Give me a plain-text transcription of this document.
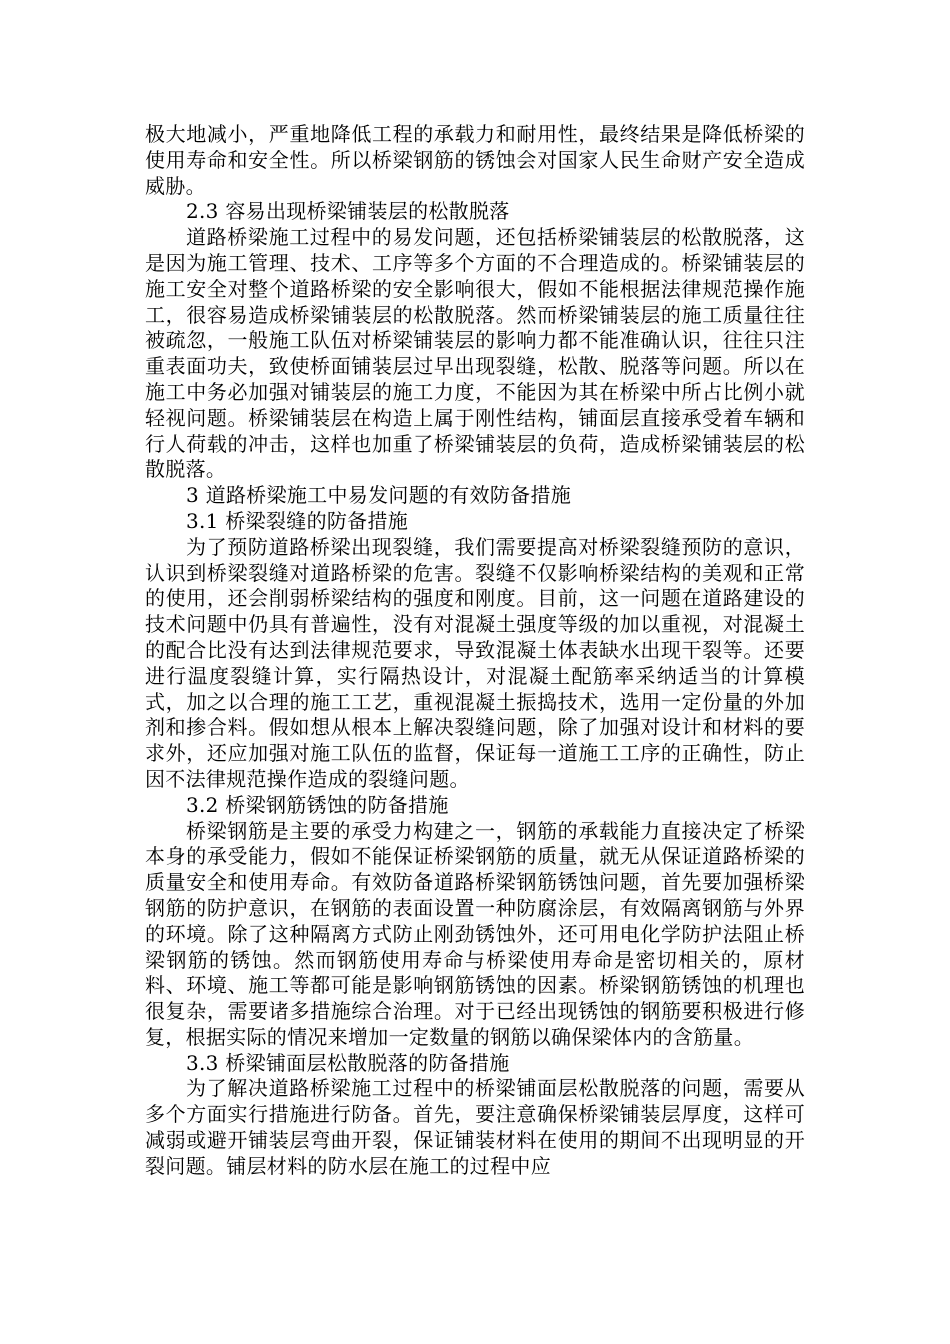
极大地减小，严重地降低工程的承载力和耐用性，最终结果是降低桥梁的使用寿命和安全性。所以桥梁钢筋的锈蚀会对国家人民生命财产安全造成威胁。

2.3 容易出现桥梁铺装层的松散脱落

道路桥梁施工过程中的易发问题，还包括桥梁铺装层的松散脱落，这是因为施工管理、技术、工序等多个方面的不合理造成的。桥梁铺装层的施工安全对整个道路桥梁的安全影响很大，假如不能根据法律规范操作施工，很容易造成桥梁铺装层的松散脱落。然而桥梁铺装层的施工质量往往被疏忽，一般施工队伍对桥梁铺装层的影响力都不能准确认识，往往只注重表面功夫，致使桥面铺装层过早出现裂缝，松散、脱落等问题。所以在施工中务必加强对铺装层的施工力度，不能因为其在桥梁中所占比例小就轻视问题。桥梁铺装层在构造上属于刚性结构，铺面层直接承受着车辆和行人荷载的冲击，这样也加重了桥梁铺装层的负荷，造成桥梁铺装层的松散脱落。

3 道路桥梁施工中易发问题的有效防备措施

3.1 桥梁裂缝的防备措施

为了预防道路桥梁出现裂缝，我们需要提高对桥梁裂缝预防的意识，认识到桥梁裂缝对道路桥梁的危害。裂缝不仅影响桥梁结构的美观和正常的使用，还会削弱桥梁结构的强度和刚度。目前，这一问题在道路建设的技术问题中仍具有普遍性，没有对混凝土强度等级的加以重视，对混凝土的配合比没有达到法律规范要求，导致混凝土体表缺水出现干裂等。还要进行温度裂缝计算，实行隔热设计，对混凝土配筋率采纳适当的计算模式，加之以合理的施工工艺，重视混凝土振捣技术，选用一定份量的外加剂和掺合料。假如想从根本上解决裂缝问题，除了加强对设计和材料的要求外，还应加强对施工队伍的监督，保证每一道施工工序的正确性，防止因不法律规范操作造成的裂缝问题。

3.2 桥梁钢筋锈蚀的防备措施

桥梁钢筋是主要的承受力构建之一，钢筋的承载能力直接决定了桥梁本身的承受能力，假如不能保证桥梁钢筋的质量，就无从保证道路桥梁的质量安全和使用寿命。有效防备道路桥梁钢筋锈蚀问题，首先要加强桥梁钢筋的防护意识，在钢筋的表面设置一种防腐涂层，有效隔离钢筋与外界的环境。除了这种隔离方式防止刚劲锈蚀外，还可用电化学防护法阻止桥梁钢筋的锈蚀。然而钢筋使用寿命与桥梁使用寿命是密切相关的，原材料、环境、施工等都可能是影响钢筋锈蚀的因素。桥梁钢筋锈蚀的机理也很复杂，需要诸多措施综合治理。对于已经出现锈蚀的钢筋要积极进行修复，根据实际的情况来增加一定数量的钢筋以确保梁体内的含筋量。

3.3 桥梁铺面层松散脱落的防备措施

为了解决道路桥梁施工过程中的桥梁铺面层松散脱落的问题，需要从多个方面实行措施进行防备。首先，要注意确保桥梁铺装层厚度，这样可减弱或避开铺装层弯曲开裂，保证铺装材料在使用的期间不出现明显的开裂问题。铺层材料的防水层在施工的过程中应
